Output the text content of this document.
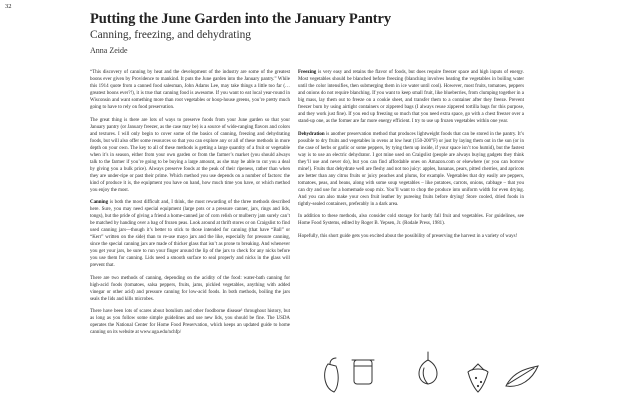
32
Putting the June Garden into the January Pantry
Canning, freezing, and dehydrating
Anna Zeide

“This discovery of canning by heat and the development of the industry are some of the greatest boons ever given by Providence to mankind. It puts the June garden into the January pantry.” While this 1914 quote from a canned food salesman, John Adams Lee, may take things a little too far (…greatest boons ever?!), it is true that canning food is awesome. If you want to eat local year-round in Wisconsin and want something more than root vegetables or hoop-house greens, you’re pretty much going to have to rely on food preservation.

The great thing is there are lots of ways to preserve foods from your June garden so that your January pantry (or January freezer, as the case may be) is a source of wide-ranging flavors and colors and textures. I will only begin to cover some of the basics of canning, freezing and dehydrating foods, but will also offer some resources so that you can explore any or all of these methods in more depth on your own. The key to all of these methods is getting a large quantity of a fruit or vegetable when it’s in season, either from your own garden or from the farmer’s market (you should always talk to the farmer if you’re going to be buying a large amount, as she may be able to cut you a deal by giving you a bulk price). Always preserve foods at the peak of their ripeness, rather than when they are under-ripe or past their prime. Which method you use depends on a number of factors: the kind of produce it is, the equipment you have on hand, how much time you have, or which method you enjoy the most.

Canning is both the most difficult and, I think, the most rewarding of the three methods described here. Sure, you may need special equipment (large pots or a pressure canner, jars, rings and lids, tongs), but the pride of giving a friend a home-canned jar of corn relish or mulberry jam surely can’t be matched by handing over a bag of frozen peas. Look around at thrift stores or on Craigslist to find used canning jars—though it’s better to stick to those intended for canning (that have “Ball” or “Kerr” written on the side) than to re-use mayo jars and the like, especially for pressure canning, since the special canning jars are made of thicker glass that isn’t as prone to breaking. And whenever you get your jars, be sure to run your finger around the lip of the jars to check for any nicks before you use them for canning. Lids need a smooth surface to seal properly and nicks in the glass will prevent that.

There are two methods of canning, depending on the acidity of the food: water-bath canning for high-acid foods (tomatoes, salsa peppers, fruits, jams, pickled vegetables, anything with added vinegar or other acid) and pressure canning for low-acid foods. In both methods, boiling the jars seals the lids and kills microbes.

There have been lots of scares about botulism and other foodborne disease¹ throughout history, but as long as you follow some simple guidelines and use new lids, you should be fine. The USDA operates the National Center for Home Food Preservation, which keeps an updated guide to home canning on its website at www.uga.edu/nchfp/

Freezing is very easy and retains the flavor of foods, but does require freezer space and high inputs of energy. Most vegetables should be blanched before freezing (blanching involves heating the vegetables in boiling water until the color intensifies, then submerging them in ice water until cool). However, most fruits, tomatoes, peppers and onions do not require blanching. If you want to keep small fruit, like blueberries, from clumping together in a big mass, lay them out to freeze on a cookie sheet, and transfer them to a container after they freeze. Prevent freezer burn by using airtight containers or zippered bags (I always reuse zippered tortilla bags for this purpose, and they work just fine). If you end up freezing so much that you need extra space, go with a chest freezer over a stand-up one, as the former are far more energy efficient. I try to use up frozen vegetables within one year.

Dehydration is another preservation method that produces lightweight foods that can be stored in the pantry. It’s possible to dry fruits and vegetables in ovens at low heat (150-200°F) or just by laying them out in the sun (or in the case of herbs or garlic or some peppers, by tying them up inside, if your space isn’t too humid), but the fastest way is to use an electric dehydrator. I got mine used on Craigslist (people are always buying gadgets they think they’ll use and never do), but you can find affordable ones on Amazon.com or elsewhere (or you can borrow mine!). Fruits that dehydrate well are fleshy and not too juicy: apples, bananas, pears, pitted cherries, and apricots are better than any citrus fruits or juicy peaches and plums, for example. Vegetables that dry easily are peppers, tomatoes, peas, and beans, along with some soup vegetables – like potatoes, carrots, onions, cabbage – that you can dry and use for a homemade soup mix. You’ll want to chop the produce into uniform width for even drying. And you can also make your own fruit leather by pureeing fruits before drying! Store cooled, dried foods in tightly-sealed containers, preferably in a dark area.

In addition to these methods, also consider cold storage for hardy fall fruit and vegetables. For guidelines, see Home Food Systems, edited by Roger B. Yepsen, Jr. (Rodale Press, 1981).

Hopefully, this short guide gets you excited about the possibility of preserving the harvest in a variety of ways!
